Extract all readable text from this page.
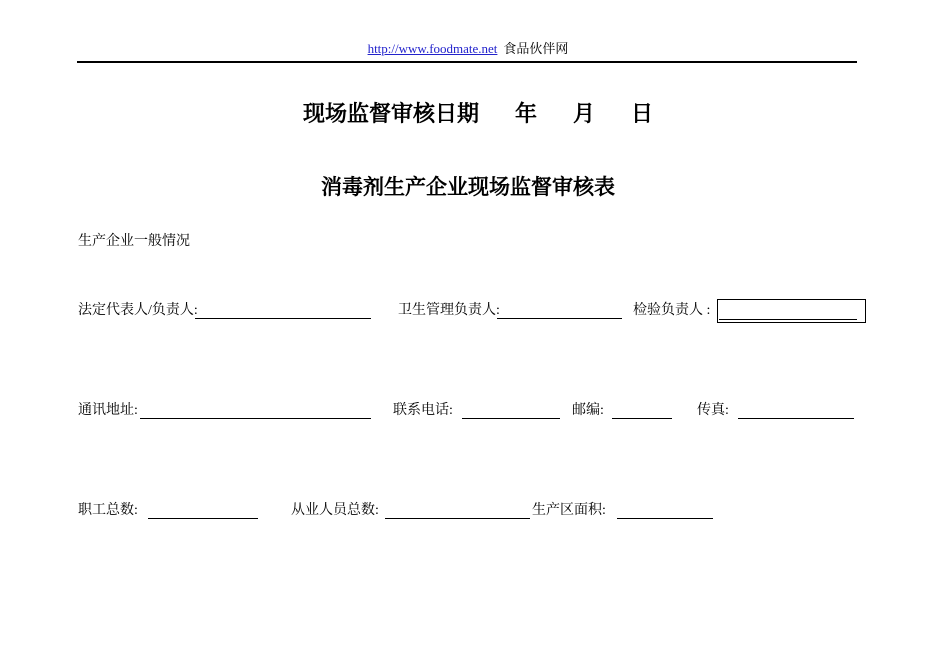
http://www.foodmate.net 食品伙伴网
现场监督审核日期 年 月 日
消毒剂生产企业现场监督审核表
生产企业一般情况
法定代表人/负责人:	卫生管理负责人:	检验负责人 :
通讯地址:	联系电话:	邮编:	传真:
职工总数:	从业人员总数:	生产区面积:
